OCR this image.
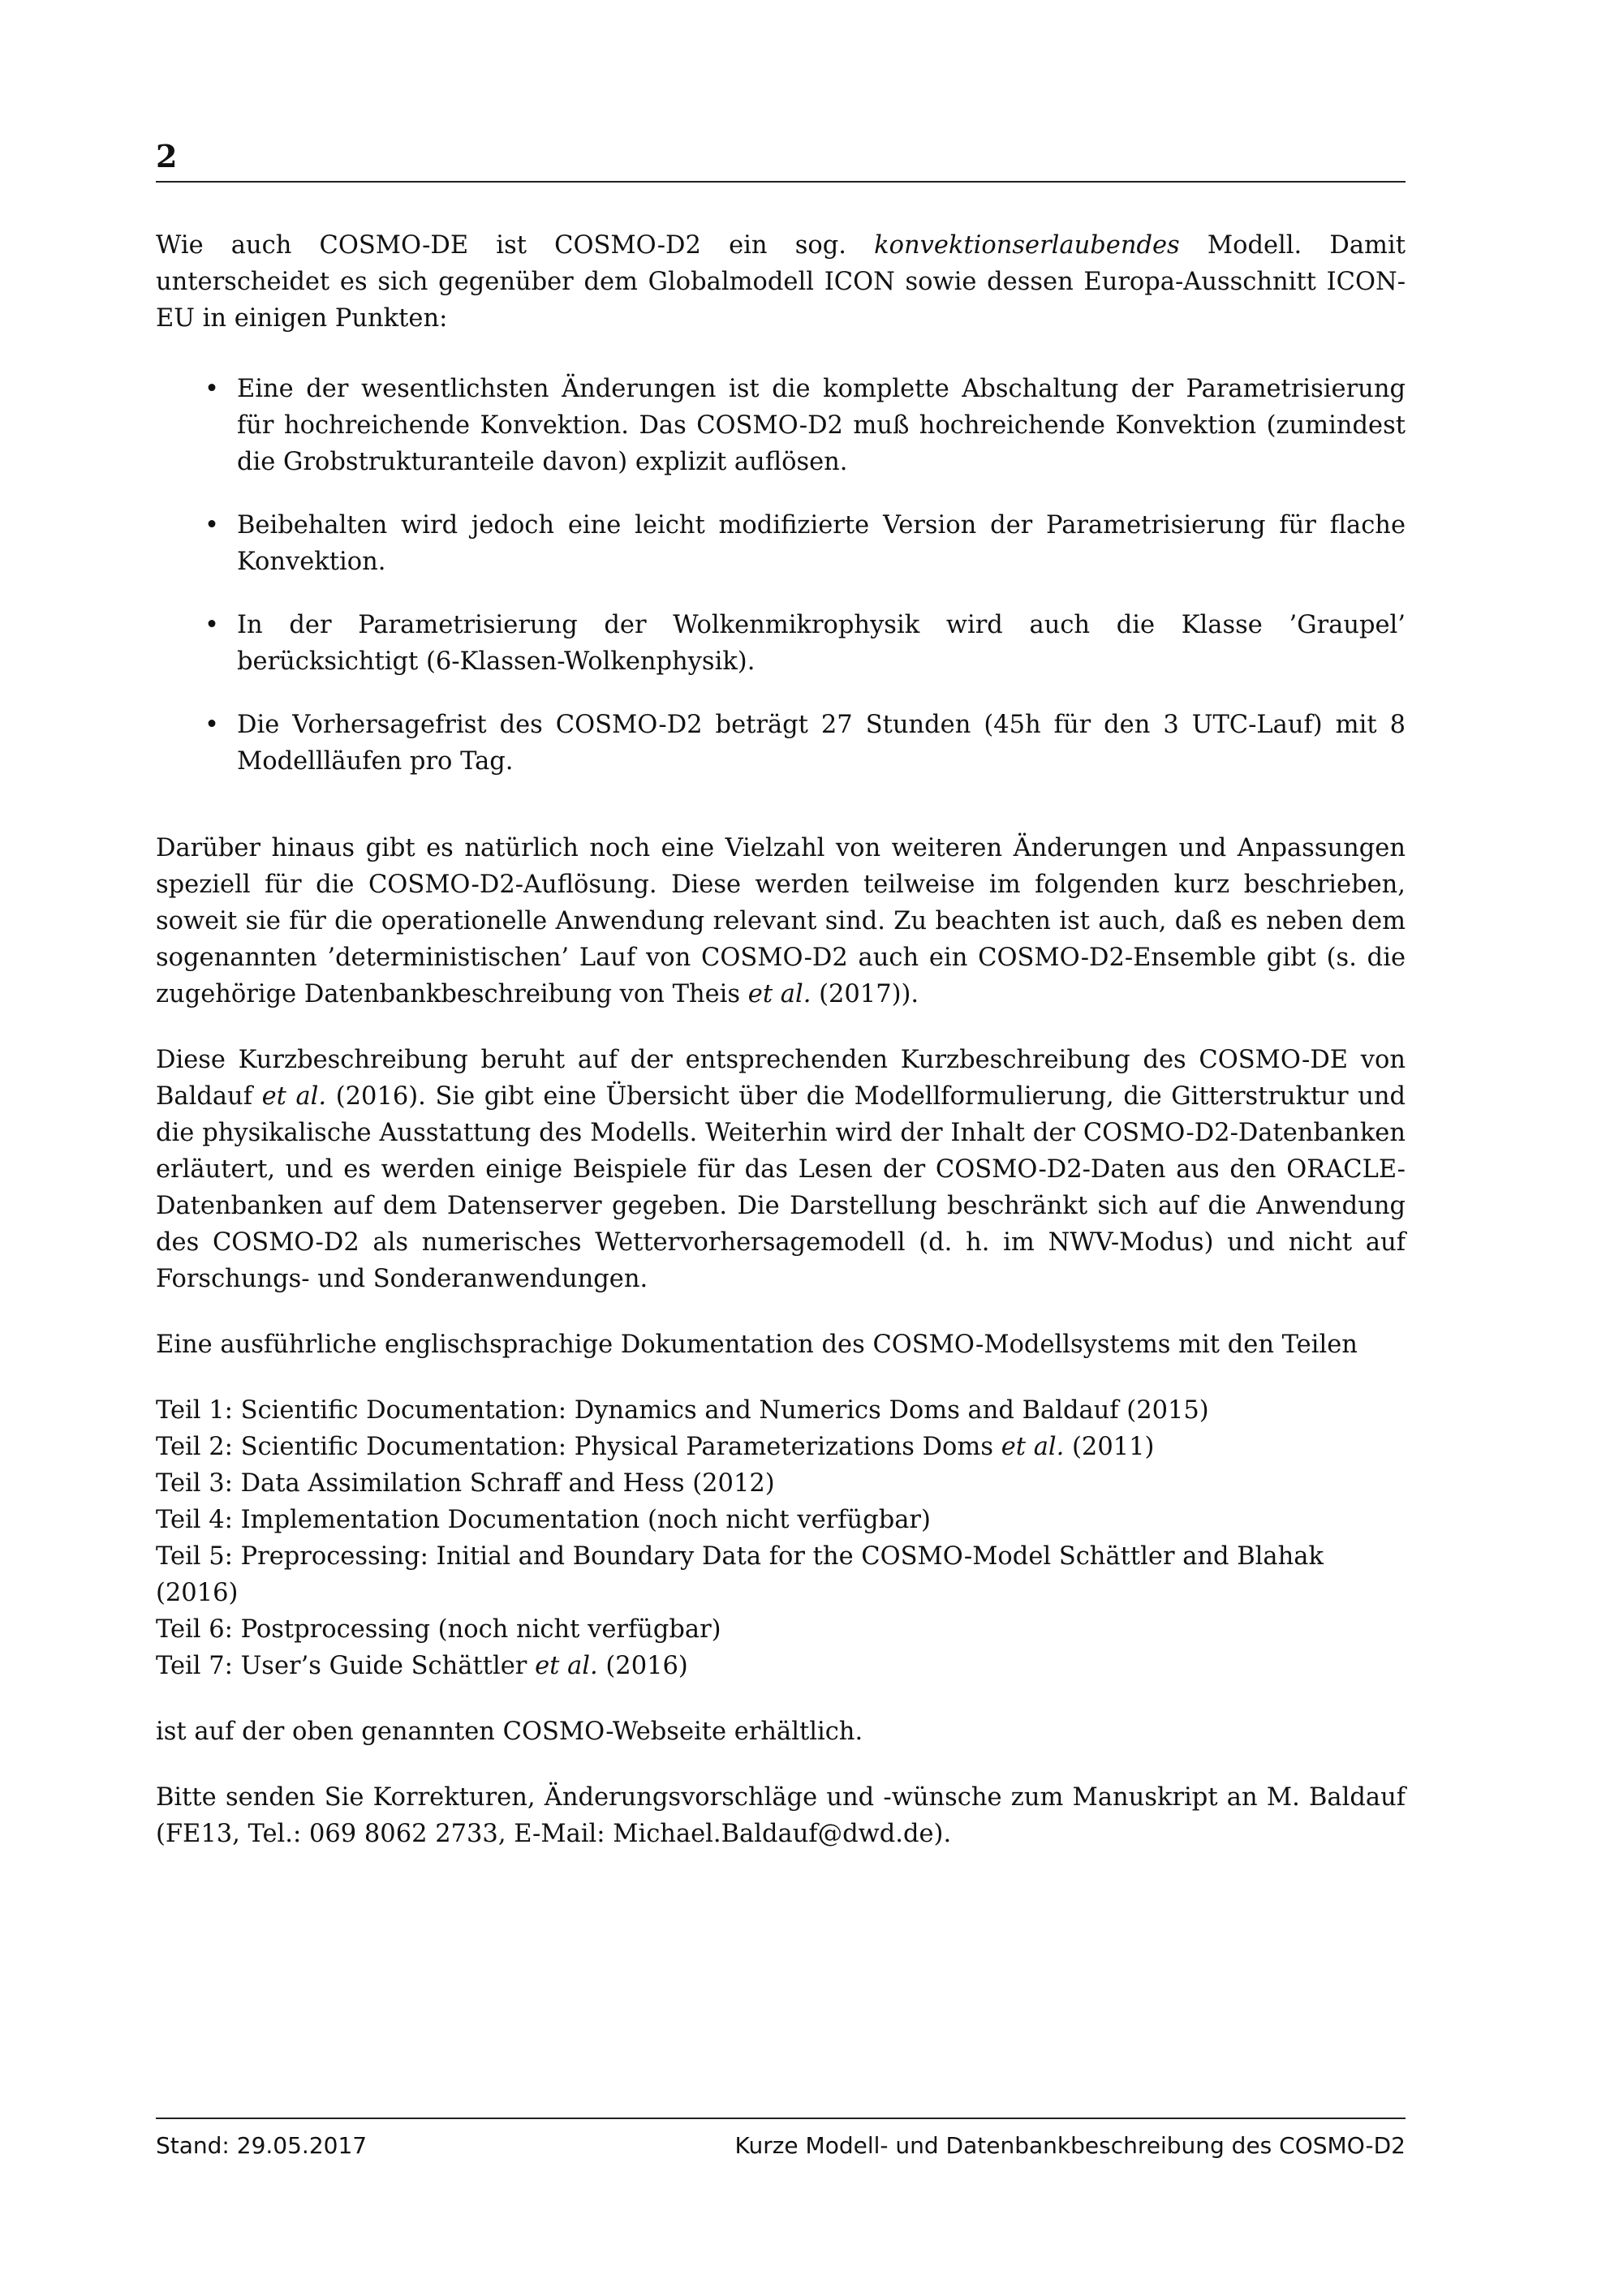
2

Wie auch COSMO-DE ist COSMO-D2 ein sog. konvektionserlaubendes Modell. Damit unterscheidet es sich gegenüber dem Globalmodell ICON sowie dessen Europa-Ausschnitt ICON-EU in einigen Punkten:

• Eine der wesentlichsten Änderungen ist die komplette Abschaltung der Parametrisierung für hochreichende Konvektion. Das COSMO-D2 muß hochreichende Konvektion (zumindest die Grobstrukturanteile davon) explizit auflösen.
• Beibehalten wird jedoch eine leicht modifizierte Version der Parametrisierung für flache Konvektion.
• In der Parametrisierung der Wolkenmikrophysik wird auch die Klasse ’Graupel’ berücksichtigt (6-Klassen-Wolkenphysik).
• Die Vorhersagefrist des COSMO-D2 beträgt 27 Stunden (45h für den 3 UTC-Lauf) mit 8 Modellläufen pro Tag.

Darüber hinaus gibt es natürlich noch eine Vielzahl von weiteren Änderungen und Anpassungen speziell für die COSMO-D2-Auflösung. Diese werden teilweise im folgenden kurz beschrieben, soweit sie für die operationelle Anwendung relevant sind. Zu beachten ist auch, daß es neben dem sogenannten ’deterministischen’ Lauf von COSMO-D2 auch ein COSMO-D2-Ensemble gibt (s. die zugehörige Datenbankbeschreibung von Theis et al. (2017)).

Diese Kurzbeschreibung beruht auf der entsprechenden Kurzbeschreibung des COSMO-DE von Baldauf et al. (2016). Sie gibt eine Übersicht über die Modellformulierung, die Gitterstruktur und die physikalische Ausstattung des Modells. Weiterhin wird der Inhalt der COSMO-D2-Datenbanken erläutert, und es werden einige Beispiele für das Lesen der COSMO-D2-Daten aus den ORACLE-Datenbanken auf dem Datenserver gegeben. Die Darstellung beschränkt sich auf die Anwendung des COSMO-D2 als numerisches Wettervorhersagemodell (d. h. im NWV-Modus) und nicht auf Forschungs- und Sonderanwendungen.

Eine ausführliche englischsprachige Dokumentation des COSMO-Modellsystems mit den Teilen

Teil 1: Scientific Documentation: Dynamics and Numerics Doms and Baldauf (2015)
Teil 2: Scientific Documentation: Physical Parameterizations Doms et al. (2011)
Teil 3: Data Assimilation Schraff and Hess (2012)
Teil 4: Implementation Documentation (noch nicht verfügbar)
Teil 5: Preprocessing: Initial and Boundary Data for the COSMO-Model Schättler and Blahak (2016)
Teil 6: Postprocessing (noch nicht verfügbar)
Teil 7: User’s Guide Schättler et al. (2016)

ist auf der oben genannten COSMO-Webseite erhältlich.

Bitte senden Sie Korrekturen, Änderungsvorschläge und -wünsche zum Manuskript an M. Baldauf (FE13, Tel.: 069 8062 2733, E-Mail: Michael.Baldauf@dwd.de).

Stand: 29.05.2017	Kurze Modell- und Datenbankbeschreibung des COSMO-D2
